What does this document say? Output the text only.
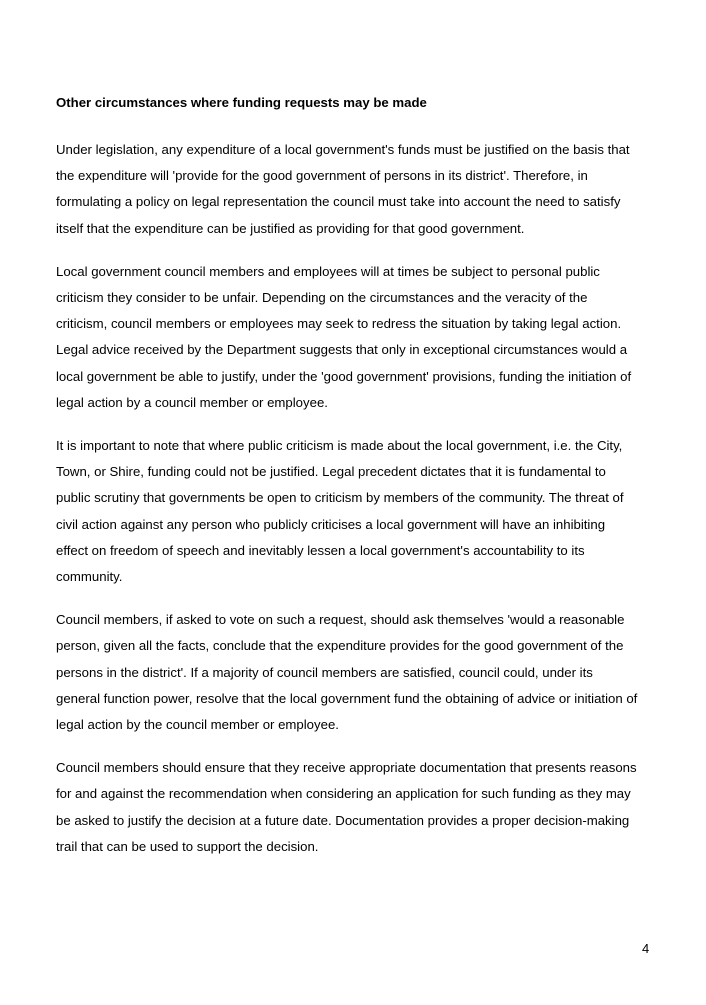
Other circumstances where funding requests may be made
Under legislation, any expenditure of a local government's funds must be justified on the basis that
the expenditure will 'provide for the good government of persons in its district'. Therefore, in
formulating a policy on legal representation the council must take into account the need to satisfy
itself that the expenditure can be justified as providing for that good government.
Local government council members and employees will at times be subject to personal public
criticism they consider to be unfair. Depending on the circumstances and the veracity of the
criticism, council members or employees may seek to redress the situation by taking legal action.
Legal advice received by the Department suggests that only in exceptional circumstances would a
local government be able to justify, under the 'good government' provisions, funding the initiation of
legal action by a council member or employee.
It is important to note that where public criticism is made about the local government, i.e. the City,
Town, or Shire, funding could not be justified. Legal precedent dictates that it is fundamental to
public scrutiny that governments be open to criticism by members of the community. The threat of
civil action against any person who publicly criticises a local government will have an inhibiting
effect on freedom of speech and inevitably lessen a local government's accountability to its
community.
Council members, if asked to vote on such a request, should ask themselves 'would a reasonable
person, given all the facts, conclude that the expenditure provides for the good government of the
persons in the district'. If a majority of council members are satisfied, council could, under its
general function power, resolve that the local government fund the obtaining of advice or initiation of
legal action by the council member or employee.
Council members should ensure that they receive appropriate documentation that presents reasons
for and against the recommendation when considering an application for such funding as they may
be asked to justify the decision at a future date. Documentation provides a proper decision-making
trail that can be used to support the decision.
4
